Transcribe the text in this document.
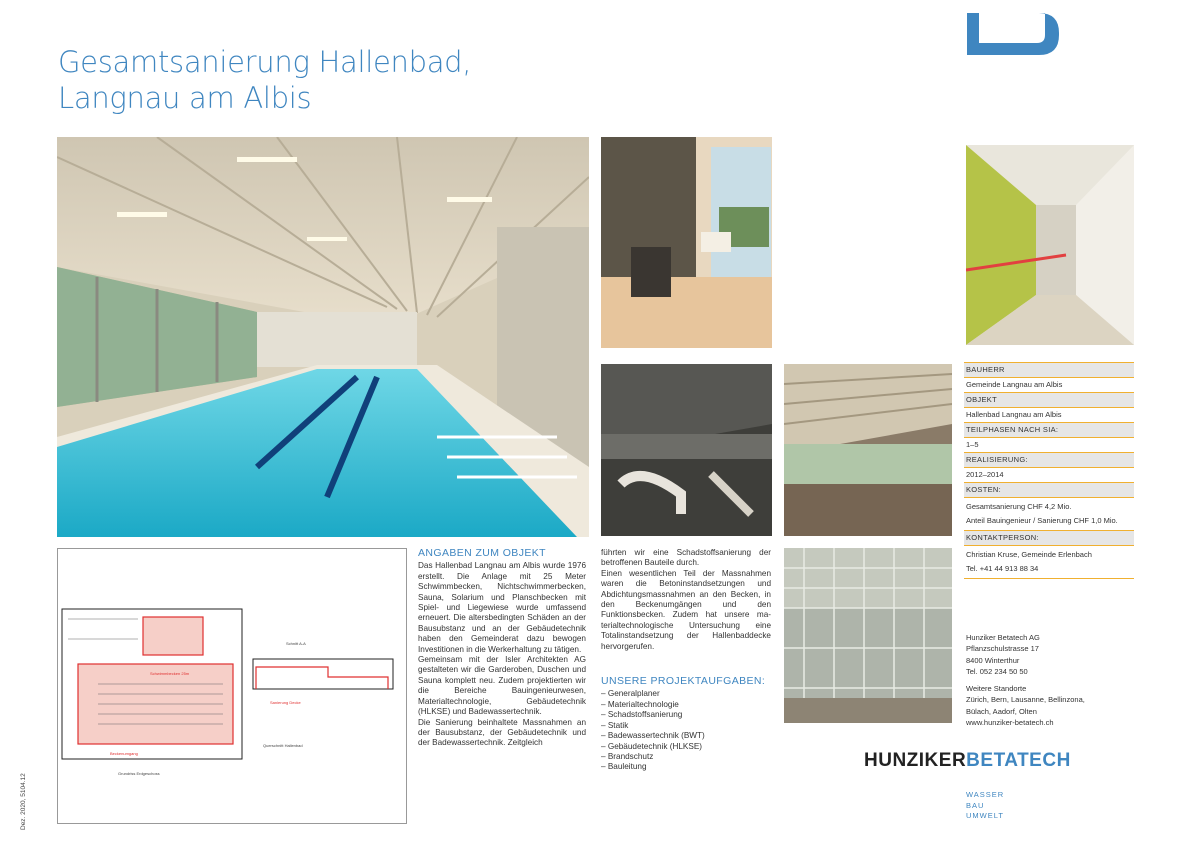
Gesamtsanierung Hallenbad,
Langnau am Albis
Schnitt A-A
Schwimmbecken 25m
Beckenumgang
Sanierung Decke
Grundriss Erdgeschoss
Querschnitt Hallenbad
ANGABEN ZUM OBJEKT

Das Hallenbad Langnau am Albis wurde 1976 erstellt. Die Anlage mit 25 Meter Schwimmbecken, Nichtschwimmerbecken, Sauna, Solarium und Planschbecken mit Spiel- und Liegewiese wurde umfassend erneuert. Die altersbedingten Schäden an der Bausubstanz und an der Gebäudetechnik haben den Gemeinderat dazu bewogen Investitionen in die Werkerhaltung zu tätigen.

Gemeinsam mit der Isler Architekten AG gestalteten wir die Garderoben, Duschen und Sauna komplett neu. Zudem projektierten wir die Bereiche Bauingenieurwesen, Materialtechnologie, Gebäudetechnik (HLKSE) und Badewassertechnik.

Die Sanierung beinhaltete Massnahmen an der Bausubstanz, der Gebäudetechnik und der Badewassertechnik. Zeitgleich

führten wir eine Schadstoffsanierung der betroffenen Bauteile durch.

Einen wesentlichen Teil der Massnahmen waren die Betoninstandsetzungen und Abdichtungsmassnahmen an den Becken, in den Beckenumgängen und den Funktionsbecken. Zudem hat unsere materialtechnologische Untersuchung eine Totalinstandsetzung der Hallenbaddecke hervorgerufen.

UNSERE PROJEKTAUFGABEN:
– Generalplaner
– Materialtechnologie
– Schadstoffsanierung
– Statik
– Badewassertechnik (BWT)
– Gebäudetechnik (HLKSE)
– Brandschutz
– Bauleitung
BAUHERR
Gemeinde Langnau am Albis
OBJEKT
Hallenbad Langnau am Albis
TEILPHASEN NACH SIA:
1–5
REALISIERUNG:
2012–2014
KOSTEN:
Gesamtsanierung CHF 4,2 Mio.
Anteil Bauingenieur / Sanierung CHF 1,0 Mio.
KONTAKTPERSON:
Christian Kruse, Gemeinde Erlenbach
Tel. +41 44 913 88 34

Hunziker Betatech AG

Pflanzschulstrasse 17

8400 Winterthur

Tel. 052 234 50 50

Weitere Standorte

Zürich, Bern, Lausanne, Bellinzona,

Bülach, Aadorf, Olten

www.hunziker-betatech.ch

HUNZIKERBETATECH
WASSER
BAU
UMWELT
Dez. 2020, 5104.12
